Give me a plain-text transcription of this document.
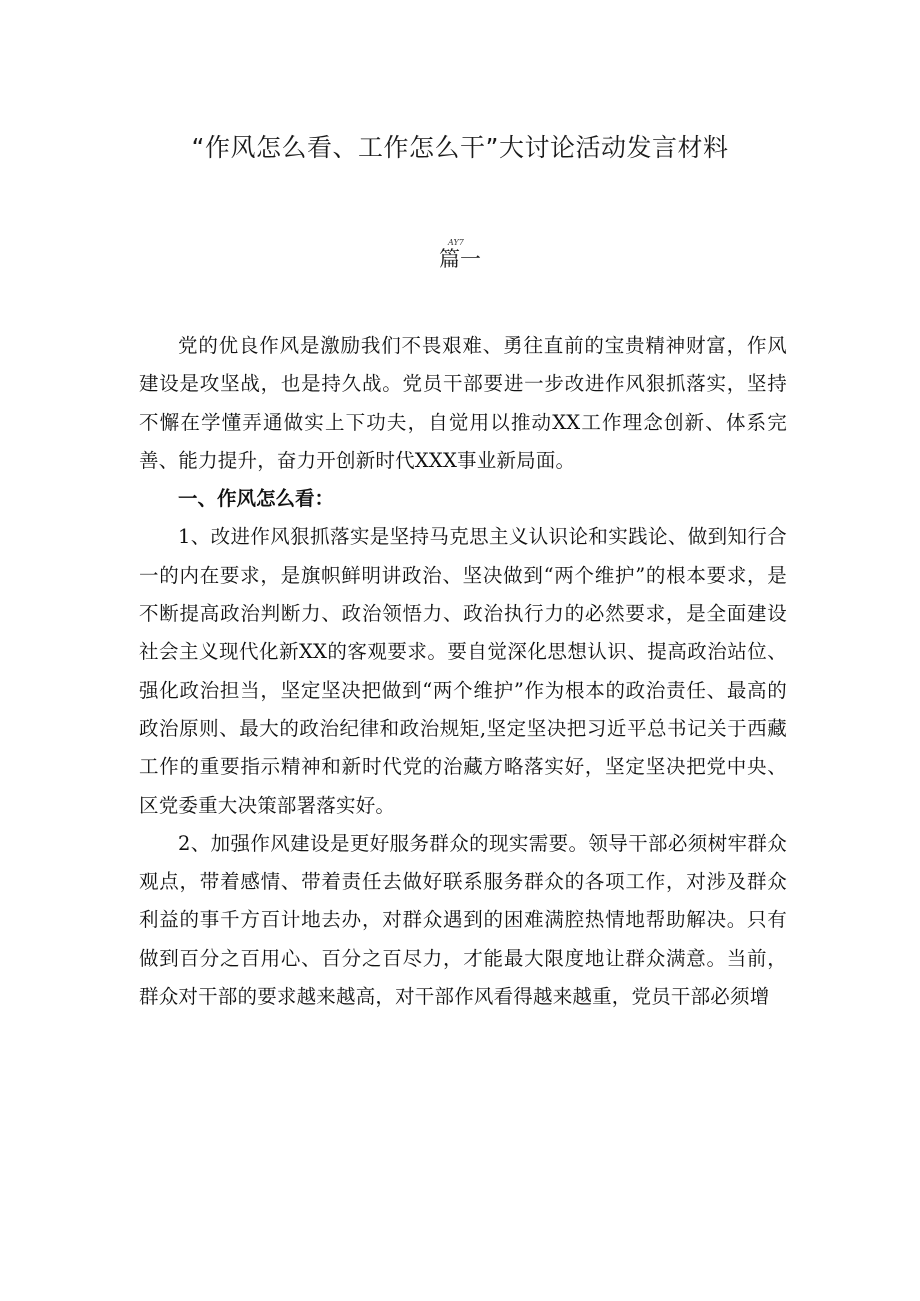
“作风怎么看、工作怎么干”大讨论活动发言材料
AY7
篇一

党的优良作风是激励我们不畏艰难、勇往直前的宝贵精神财富，作风建设是攻坚战，也是持久战。党员干部要进一步改进作风狠抓落实，坚持不懈在学懂弄通做实上下功夫，自觉用以推动XX工作理念创新、体系完善、能力提升，奋力开创新时代XXX事业新局面。

一、作风怎么看：

1、改进作风狠抓落实是坚持马克思主义认识论和实践论、做到知行合一的内在要求，是旗帜鲜明讲政治、坚决做到“两个维护”的根本要求，是不断提高政治判断力、政治领悟力、政治执行力的必然要求，是全面建设社会主义现代化新XX的客观要求。要自觉深化思想认识、提高政治站位、强化政治担当，坚定坚决把做到“两个维护”作为根本的政治责任、最高的政治原则、最大的政治纪律和政治规矩,坚定坚决把习近平总书记关于西藏工作的重要指示精神和新时代党的治藏方略落实好，坚定坚决把党中央、区党委重大决策部署落实好。

2、加强作风建设是更好服务群众的现实需要。领导干部必须树牢群众观点，带着感情、带着责任去做好联系服务群众的各项工作，对涉及群众利益的事千方百计地去办，对群众遇到的困难满腔热情地帮助解决。只有做到百分之百用心、百分之百尽力，才能最大限度地让群众满意。当前，群众对干部的要求越来越高，对干部作风看得越来越重，党员干部必须增
